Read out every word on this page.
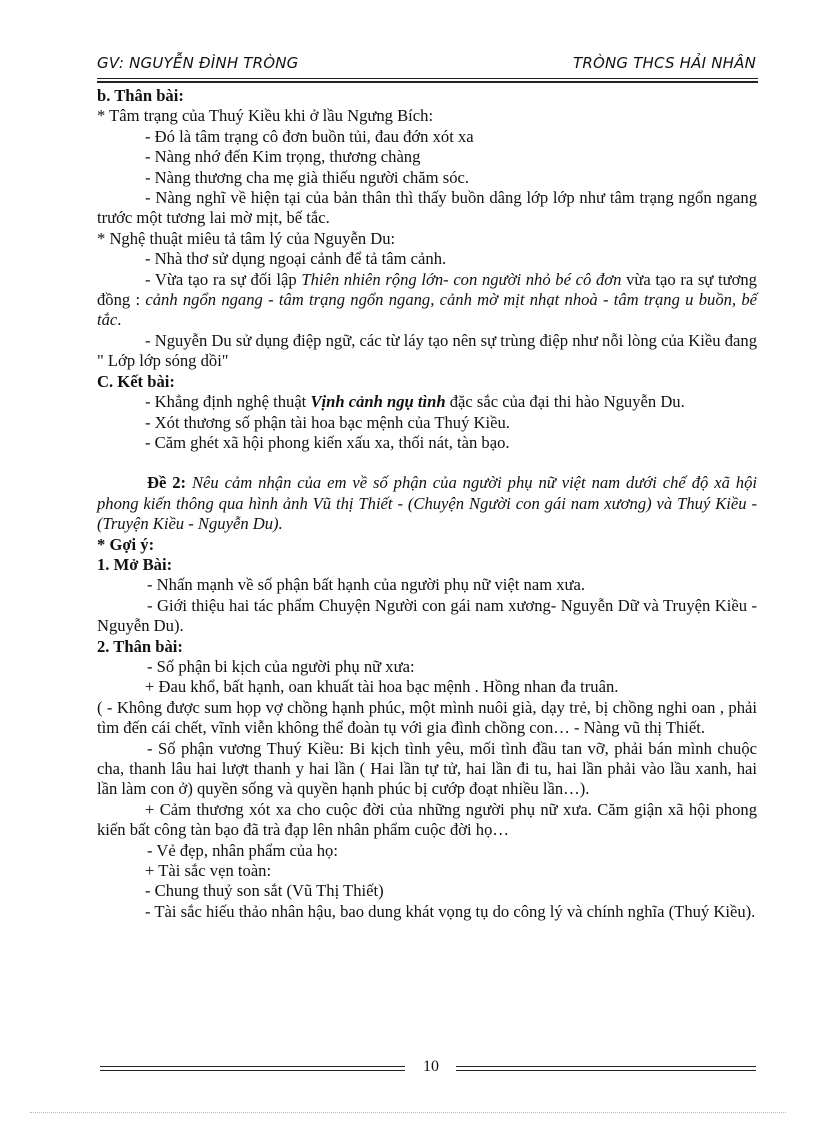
GV: NGUYỄN ĐÌNH TRÒNG	TRÒNG THCS HẢI NHÂN

b. Thân bài:

* Tâm trạng của Thuý Kiều khi ở lầu Ngưng Bích:

- Đó là tâm trạng cô đơn buồn tủi, đau đớn xót xa

- Nàng nhớ đến Kim trọng, thương chàng

- Nàng thương cha mẹ già thiếu người chăm sóc.

- Nàng nghĩ về hiện tại của bản thân thì thấy buồn dâng lớp lớp như tâm trạng ngổn ngang trước một tương lai mờ mịt, bế tắc.

* Nghệ thuật miêu tả tâm lý của Nguyễn Du:

- Nhà thơ sử dụng ngoại cảnh để tả tâm cảnh.

- Vừa tạo ra sự đối lập Thiên nhiên rộng lớn- con người nhỏ bé cô đơn vừa tạo ra sự tương đồng : cảnh ngổn ngang - tâm trạng ngổn ngang, cảnh mờ mịt nhạt nhoà - tâm trạng u buồn, bế tắc.

- Nguyễn Du sử dụng điệp ngữ, các từ láy tạo nên sự trùng điệp như nỗi lòng của Kiều đang " Lớp lớp sóng dồi"

C. Kết bài:

- Khẳng định nghệ thuật Vịnh cảnh ngụ tình đặc sắc của đại thi hào Nguyễn Du.

- Xót thương số phận tài hoa bạc mệnh của Thuý Kiều.

- Căm ghét xã hội phong kiến xấu xa, thối nát, tàn bạo.

Đề 2: Nêu cảm nhận của em về số phận của người phụ nữ việt nam dưới chế độ xã hội phong kiến thông qua hình ảnh Vũ thị Thiết - (Chuyện Người con gái nam xương) và Thuý Kiều - (Truyện Kiều - Nguyễn Du).

* Gợi ý:

1. Mở Bài:

- Nhấn mạnh về số phận bất hạnh của người phụ nữ việt nam xưa.

- Giới thiệu hai tác phẩm Chuyện Người con gái nam xương- Nguyễn Dữ và Truyện Kiều - Nguyễn Du).

2. Thân bài:

- Số phận bi kịch của người phụ nữ xưa:

+ Đau khổ, bất hạnh, oan khuất tài hoa bạc mệnh . Hồng nhan đa truân.

( - Không được sum họp vợ chồng hạnh phúc, một mình nuôi già, dạy trẻ, bị chồng nghi oan , phải tìm đến cái chết, vĩnh viễn không thể đoàn tụ với gia đình chồng con… - Nàng vũ thị Thiết.

- Số phận vương Thuý Kiều: Bi kịch tình yêu, mối tình đầu tan vỡ, phải bán mình chuộc cha, thanh lâu hai lượt thanh y hai lần ( Hai lần tự tử, hai lần đi tu, hai lần phải vào lầu xanh, hai lần làm con ở) quyền sống và quyền hạnh phúc bị cướp đoạt nhiều lần…).

+ Cảm thương xót xa cho cuộc đời của những người phụ nữ xưa. Căm giận xã hội phong kiến bất công tàn bạo đã trà đạp lên nhân phẩm cuộc đời họ…

- Vẻ đẹp, nhân phẩm của họ:

+ Tài sắc vẹn toàn:

- Chung thuỷ son sắt (Vũ Thị Thiết)

- Tài sắc hiếu thảo nhân hậu, bao dung khát vọng tụ do công lý và chính nghĩa (Thuý Kiều).

10
